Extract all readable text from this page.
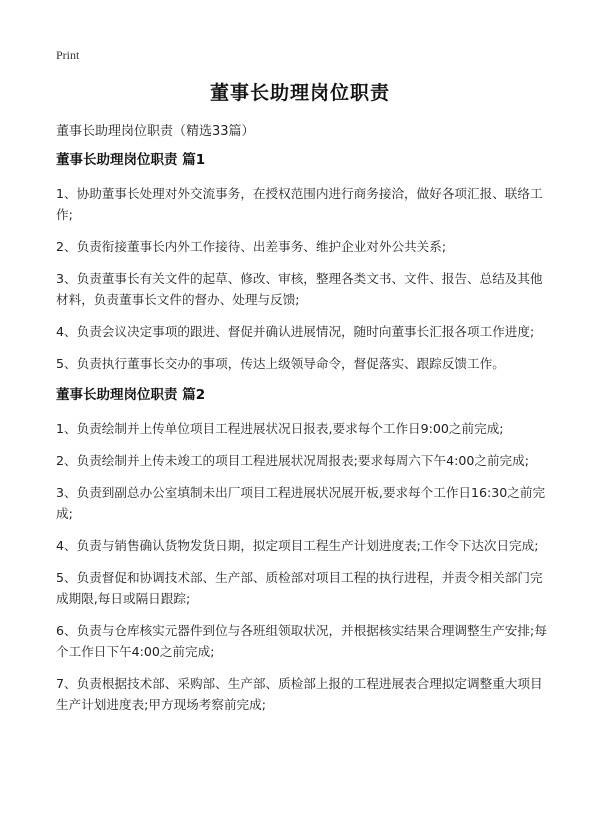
Print
董事长助理岗位职责
董事长助理岗位职责（精选33篇）
董事长助理岗位职责 篇1
1、协助董事长处理对外交流事务，在授权范围内进行商务接洽，做好各项汇报、联络工作;
2、负责衔接董事长内外工作接待、出差事务、维护企业对外公共关系;
3、负责董事长有关文件的起草、修改、审核，整理各类文书、文件、报告、总结及其他材料，负责董事长文件的督办、处理与反馈;
4、负责会议决定事项的跟进、督促并确认进展情况，随时向董事长汇报各项工作进度;
5、负责执行董事长交办的事项，传达上级领导命令，督促落实、跟踪反馈工作。
董事长助理岗位职责 篇2
1、负责绘制并上传单位项目工程进展状况日报表,要求每个工作日9:00之前完成;
2、负责绘制并上传未竣工的项目工程进展状况周报表;要求每周六下午4:00之前完成;
3、负责到副总办公室填制未出厂项目工程进展状况展开板,要求每个工作日16:30之前完成;
4、负责与销售确认货物发货日期，拟定项目工程生产计划进度表;工作令下达次日完成;
5、负责督促和协调技术部、生产部、质检部对项目工程的执行进程，并责令相关部门完成期限,每日或隔日跟踪;
6、负责与仓库核实元器件到位与各班组领取状况，并根据核实结果合理调整生产安排;每个工作日下午4:00之前完成;
7、负责根据技术部、采购部、生产部、质检部上报的工程进展表合理拟定调整重大项目生产计划进度表;甲方现场考察前完成;
